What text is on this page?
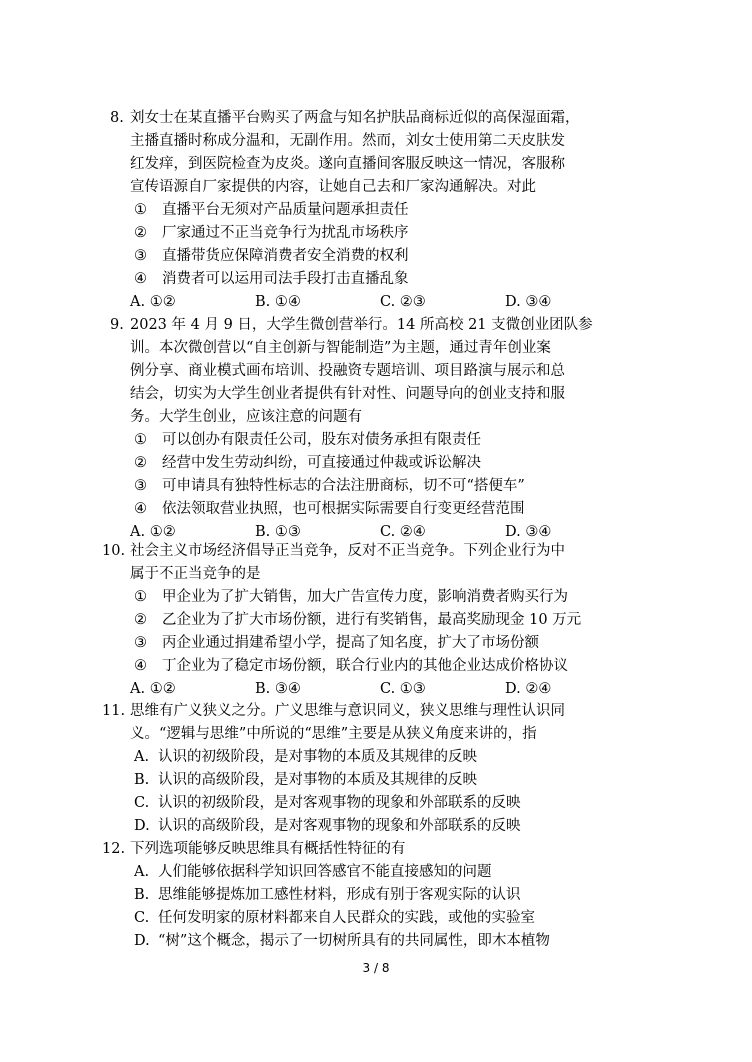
8. 刘女士在某直播平台购买了两盒与知名护肤品商标近似的高保湿面霜，
主播直播时称成分温和，无副作用。然而，刘女士使用第二天皮肤发
红发痒，到医院检查为皮炎。遂向直播间客服反映这一情况，客服称
宣传语源自厂家提供的内容，让她自己去和厂家沟通解决。对此
① 直播平台无须对产品质量问题承担责任
② 厂家通过不正当竞争行为扰乱市场秩序
③ 直播带货应保障消费者安全消费的权利
④ 消费者可以运用司法手段打击直播乱象
A. ①②	B. ①④	C. ②③	D. ③④
9. 2023 年 4 月 9 日，大学生微创营举行。14 所高校 21 支微创业团队参
训。本次微创营以“自主创新与智能制造”为主题，通过青年创业案
例分享、商业模式画布培训、投融资专题培训、项目路演与展示和总
结会，切实为大学生创业者提供有针对性、问题导向的创业支持和服
务。大学生创业，应该注意的问题有
① 可以创办有限责任公司，股东对债务承担有限责任
② 经营中发生劳动纠纷，可直接通过仲裁或诉讼解决
③ 可申请具有独特性标志的合法注册商标，切不可“搭便车”
④ 依法领取营业执照，也可根据实际需要自行变更经营范围
A. ①②	B. ①③	C. ②④	D. ③④
10. 社会主义市场经济倡导正当竞争，反对不正当竞争。下列企业行为中
属于不正当竞争的是
① 甲企业为了扩大销售，加大广告宣传力度，影响消费者购买行为
② 乙企业为了扩大市场份额，进行有奖销售，最高奖励现金 10 万元
③ 丙企业通过捐建希望小学，提高了知名度，扩大了市场份额
④ 丁企业为了稳定市场份额，联合行业内的其他企业达成价格协议
A. ①②	B. ③④	C. ①③	D. ②④
11. 思维有广义狭义之分。广义思维与意识同义，狭义思维与理性认识同
义。“逻辑与思维”中所说的“思维”主要是从狭义角度来讲的，指
A. 认识的初级阶段，是对事物的本质及其规律的反映
B. 认识的高级阶段，是对事物的本质及其规律的反映
C. 认识的初级阶段，是对客观事物的现象和外部联系的反映
D. 认识的高级阶段，是对客观事物的现象和外部联系的反映
12. 下列选项能够反映思维具有概括性特征的有
A. 人们能够依据科学知识回答感官不能直接感知的问题
B. 思维能够提炼加工感性材料，形成有别于客观实际的认识
C. 任何发明家的原材料都来自人民群众的实践，或他的实验室
D. “树”这个概念，揭示了一切树所具有的共同属性，即木本植物
3 / 8
